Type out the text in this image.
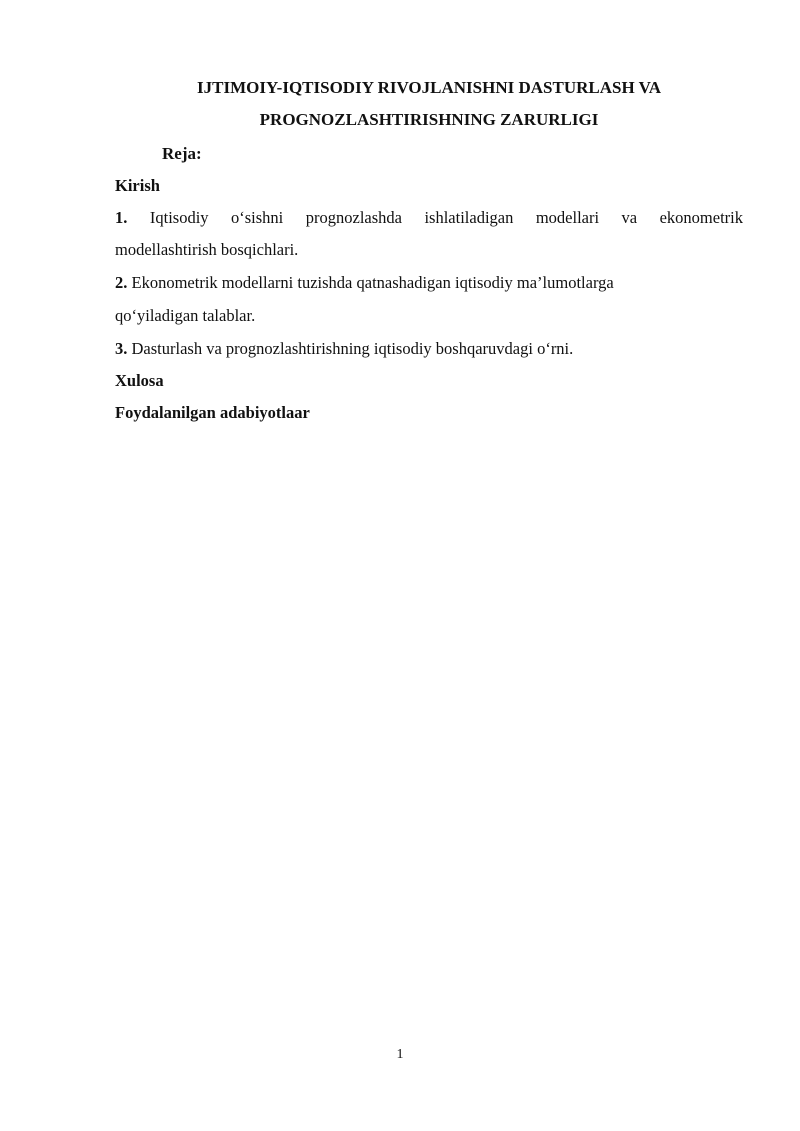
IJTIMOIY-IQTISODIY RIVOJLANISHNI DASTURLASH VA

PROGNOZLASHTIRISHNING ZARURLIGI

Reja:

Kirish

1. Iqtisodiy o‘sishni prognozlashda ishlatiladigan modellari va ekonometrik

modellashtirish bosqichlari.

2. Ekonometrik modellarni tuzishda qatnashadigan iqtisodiy ma’lumotlarga

qo‘yiladigan talablar.

3. Dasturlash va prognozlashtirishning iqtisodiy boshqaruvdagi o‘rni.

Xulosa

Foydalanilgan adabiyotlaar

1
